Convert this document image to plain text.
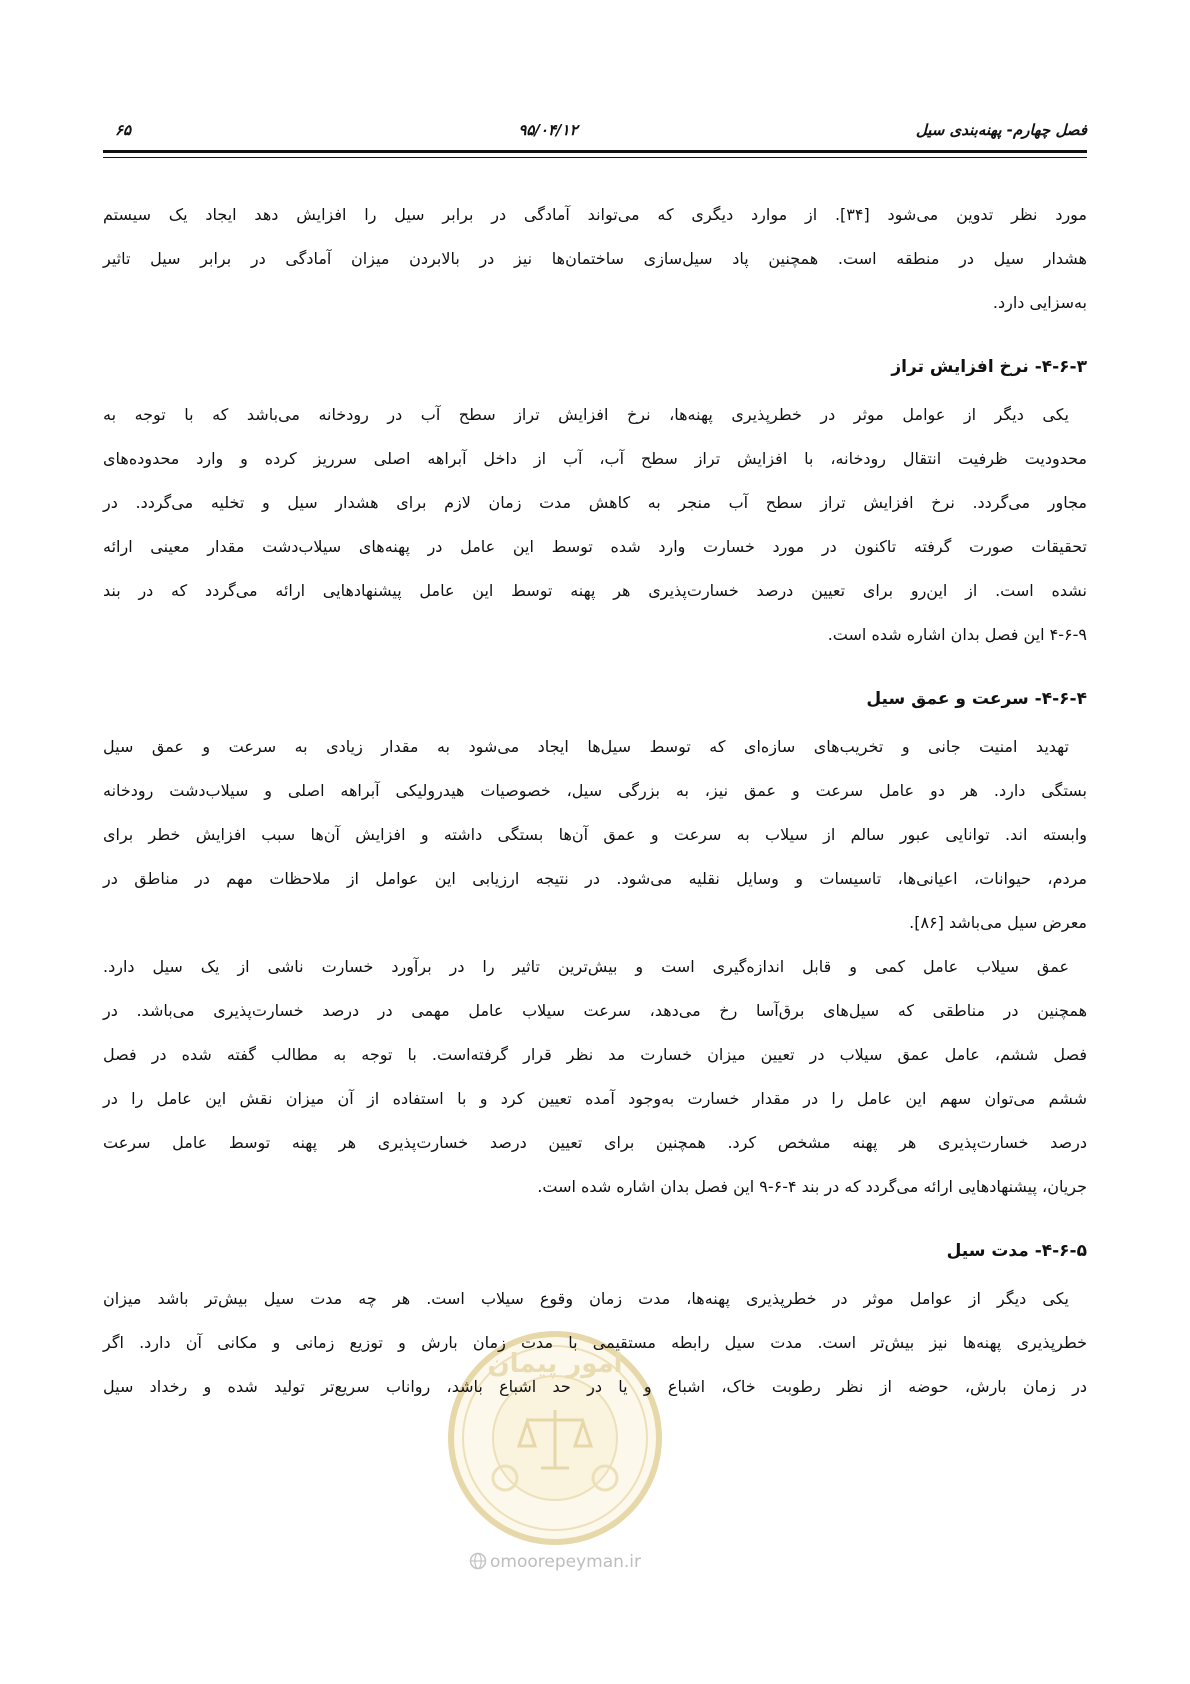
فصل چهارم- پهنه‌بندی سیل
۹۵/۰۴/۱۲
۶۵
امور پیمان
omoorepeyman.ir
مورد نظر تدوین می‌شود [۳۴]. از موارد دیگری که می‌تواند آمادگی در برابر سیل را افزایش دهد ایجاد یک سیستم
هشدار سیل در منطقه است. همچنین پاد سیل‌سازی ساختمان‌ها نیز در بالابردن میزان آمادگی در برابر سیل تاثیر
به‌سزایی دارد.
۴-۶-۳- نرخ افزایش تراز
یکی دیگر از عوامل موثر در خطرپذیری پهنه‌ها، نرخ افزایش تراز سطح آب در رودخانه می‌باشد که با توجه به
محدودیت ظرفیت انتقال رودخانه، با افزایش تراز سطح آب، آب از داخل آبراهه اصلی سرریز کرده و وارد محدوده‌های
مجاور می‌گردد. نرخ افزایش تراز سطح آب منجر به کاهش مدت زمان لازم برای هشدار سیل و تخلیه می‌گردد. در
تحقیقات صورت گرفته تاکنون در مورد خسارت وارد شده توسط این عامل در پهنه‌های سیلاب‌دشت مقدار معینی ارائه
نشده است. از این‌رو برای تعیین درصد خسارت‌پذیری هر پهنه توسط این عامل پیشنهادهایی ارائه می‌گردد که در بند
۴-۶-۹ این فصل بدان اشاره شده است.
۴-۶-۴- سرعت و عمق سیل
تهدید امنیت جانی و تخریب‌های سازه‌ای که توسط سیل‌ها ایجاد می‌شود به مقدار زیادی به سرعت و عمق سیل
بستگی دارد. هر دو عامل سرعت و عمق نیز، به بزرگی سیل، خصوصیات هیدرولیکی آبراهه اصلی و سیلاب‌دشت رودخانه
وابسته اند. توانایی عبور سالم از سیلاب به سرعت و عمق آن‌ها بستگی داشته و افزایش آن‌ها سبب افزایش خطر برای
مردم، حیوانات، اعیانی‌ها، تاسیسات و وسایل نقلیه می‌شود. در نتیجه ارزیابی این عوامل از ملاحظات مهم در مناطق در
معرض سیل می‌باشد [۸۶].
عمق سیلاب عامل کمی و قابل اندازه‌گیری است و بیش‌ترین تاثیر را در برآورد خسارت ناشی از یک سیل دارد.
همچنین در مناطقی که سیل‌های برق‌آسا رخ می‌دهد، سرعت سیلاب عامل مهمی در درصد خسارت‌پذیری می‌باشد. در
فصل ششم، عامل عمق سیلاب در تعیین میزان خسارت مد نظر قرار گرفته‌است. با توجه به مطالب گفته شده در فصل
ششم می‌توان سهم این عامل را در مقدار خسارت به‌وجود آمده تعیین کرد و با استفاده از آن میزان نقش این عامل را در
درصد خسارت‌پذیری هر پهنه مشخص کرد. همچنین برای تعیین درصد خسارت‌پذیری هر پهنه توسط عامل سرعت
جریان، پیشنهادهایی ارائه می‌گردد که در بند ۴-۶-۹ این فصل بدان اشاره شده است.
۴-۶-۵- مدت سیل
یکی دیگر از عوامل موثر در خطرپذیری پهنه‌ها، مدت زمان وقوع سیلاب است. هر چه مدت سیل بیش‌تر باشد میزان
خطرپذیری پهنه‌ها نیز بیش‌تر است. مدت سیل رابطه مستقیمی با مدت زمان بارش و توزیع زمانی و مکانی آن دارد. اگر
در زمان بارش، حوضه از نظر رطوبت خاک، اشباع و یا در حد اشباع باشد، رواناب سریع‌تر تولید شده و رخداد سیل
